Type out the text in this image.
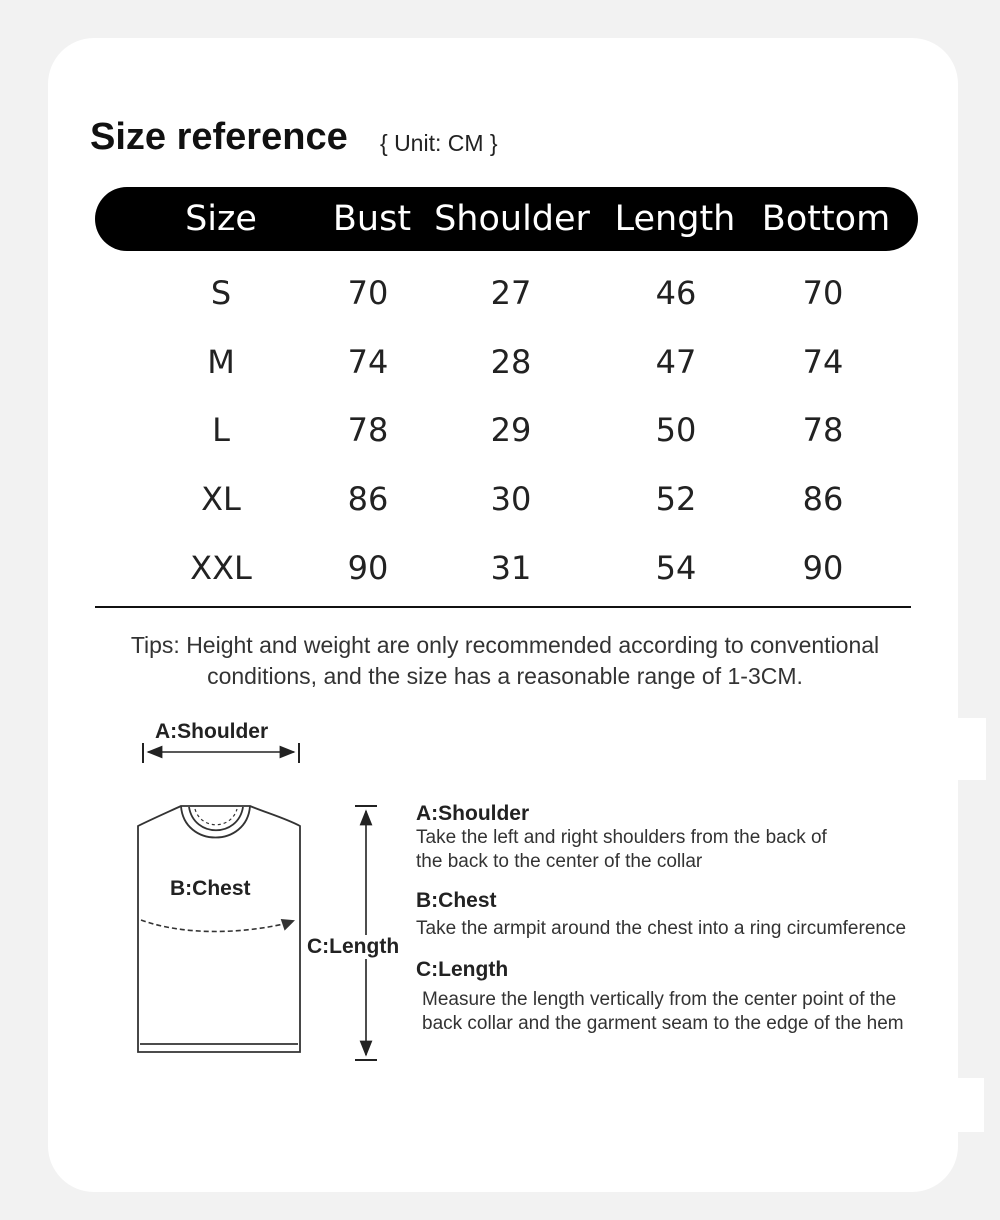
Size reference { Unit: CM }
Size Bust Shoulder Length Bottom
S	70	27	46	70
M	74	28	47	74
L	78	29	50	78
XL	86	30	52	86
XXL	90	31	54	90
Tips: Height and weight are only recommended according to conventional
conditions, and the size has a reasonable range of 1-3CM.
A:Shoulder
B:Chest
C:Length
A:Shoulder
Take the left and right shoulders from the back of
the back to the center of the collar
B:Chest
Take the armpit around the chest into a ring circumference
C:Length
Measure the length vertically from the center point of the
back collar and the garment seam to the edge of the hem
